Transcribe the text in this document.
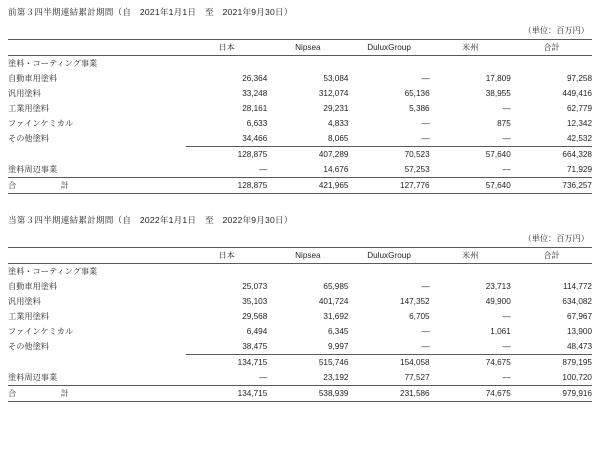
前第３四半期連結累計期間（自　2021年1月1日　至　2021年9月30日）
（単位：百万円）
	日本	Nipsea	DuluxGroup	米州	合計
塗料・コーティング事業					
自動車用塗料	26,364	53,084	—	17,809	97,258
汎用塗料	33,248	312,074	65,136	38,955	449,416
工業用塗料	28,161	29,231	5,386	—	62,779
ファインケミカル	6,633	4,833	—	875	12,342
その他塗料	34,466	8,065	—	—	42,532
	128,875	407,289	70,523	57,640	664,328
塗料周辺事業	—	14,676	57,253	—	71,929
合　　　計	128,875	421,965	127,776	57,640	736,257
当第３四半期連結累計期間（自　2022年1月1日　至　2022年9月30日）
（単位：百万円）
	日本	Nipsea	DuluxGroup	米州	合計
塗料・コーティング事業					
自動車用塗料	25,073	65,985	—	23,713	114,772
汎用塗料	35,103	401,724	147,352	49,900	634,082
工業用塗料	29,568	31,692	6,705	—	67,967
ファインケミカル	6,494	6,345	—	1,061	13,900
その他塗料	38,475	9,997	—	—	48,473
	134,715	515,746	154,058	74,675	879,195
塗料周辺事業	—	23,192	77,527	—	100,720
合　　　計	134,715	538,939	231,586	74,675	979,916
